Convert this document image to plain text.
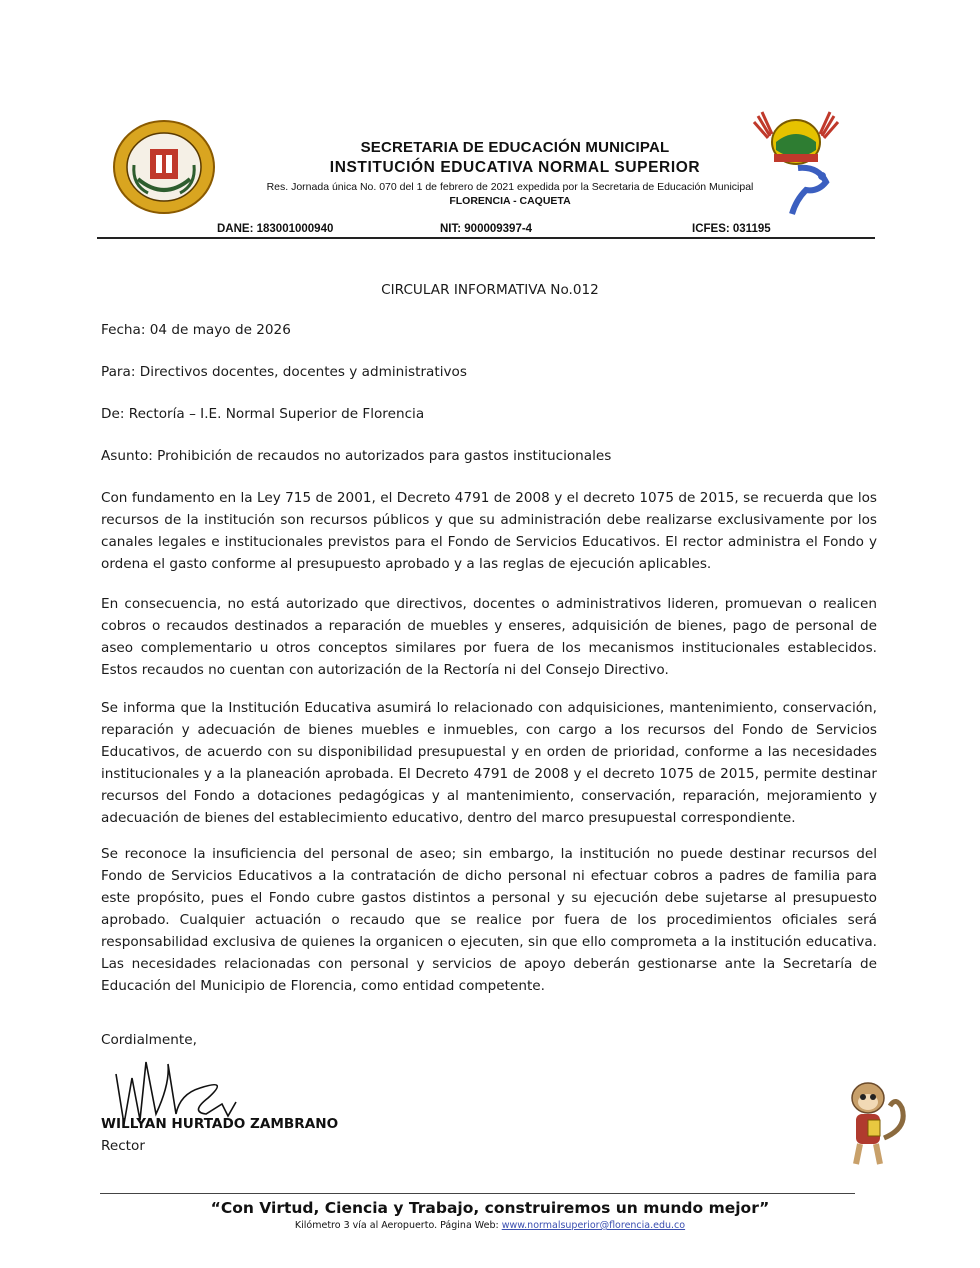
SECRETARIA DE EDUCACIÓN MUNICIPAL
INSTITUCIÓN EDUCATIVA NORMAL SUPERIOR
Res. Jornada única No. 070 del 1 de febrero de 2021 expedida por la Secretaria de Educación Municipal
FLORENCIA - CAQUETA
DANE: 183001000940	NIT: 900009397-4	ICFES: 031195
CIRCULAR INFORMATIVA No.012
Fecha: 04 de mayo de 2026
Para: Directivos docentes, docentes y administrativos
De: Rectoría – I.E. Normal Superior de Florencia
Asunto: Prohibición de recaudos no autorizados para gastos institucionales
Con fundamento en la Ley 715 de 2001, el Decreto 4791 de 2008 y el decreto 1075 de 2015, se recuerda que los recursos de la institución son recursos públicos y que su administración debe realizarse exclusivamente por los canales legales e institucionales previstos para el Fondo de Servicios Educativos. El rector administra el Fondo y ordena el gasto conforme al presupuesto aprobado y a las reglas de ejecución aplicables.
En consecuencia, no está autorizado que directivos, docentes o administrativos lideren, promuevan o realicen cobros o recaudos destinados a reparación de muebles y enseres, adquisición de bienes, pago de personal de aseo complementario u otros conceptos similares por fuera de los mecanismos institucionales establecidos. Estos recaudos no cuentan con autorización de la Rectoría ni del Consejo Directivo.
Se informa que la Institución Educativa asumirá lo relacionado con adquisiciones, mantenimiento, conservación, reparación y adecuación de bienes muebles e inmuebles, con cargo a los recursos del Fondo de Servicios Educativos, de acuerdo con su disponibilidad presupuestal y en orden de prioridad, conforme a las necesidades institucionales y a la planeación aprobada. El Decreto 4791 de 2008 y el decreto 1075 de 2015, permite destinar recursos del Fondo a dotaciones pedagógicas y al mantenimiento, conservación, reparación, mejoramiento y adecuación de bienes del establecimiento educativo, dentro del marco presupuestal correspondiente.
Se reconoce la insuficiencia del personal de aseo; sin embargo, la institución no puede destinar recursos del Fondo de Servicios Educativos a la contratación de dicho personal ni efectuar cobros a padres de familia para este propósito, pues el Fondo cubre gastos distintos a personal y su ejecución debe sujetarse al presupuesto aprobado. Cualquier actuación o recaudo que se realice por fuera de los procedimientos oficiales será responsabilidad exclusiva de quienes la organicen o ejecuten, sin que ello comprometa a la institución educativa. Las necesidades relacionadas con personal y servicios de apoyo deberán gestionarse ante la Secretaría de Educación del Municipio de Florencia, como entidad competente.
Cordialmente,
WILLYAN HURTADO ZAMBRANO
Rector
“Con Virtud, Ciencia y Trabajo, construiremos un mundo mejor”
Kilómetro 3 vía al Aeropuerto. Página Web: www.normalsuperior@florencia.edu.co
